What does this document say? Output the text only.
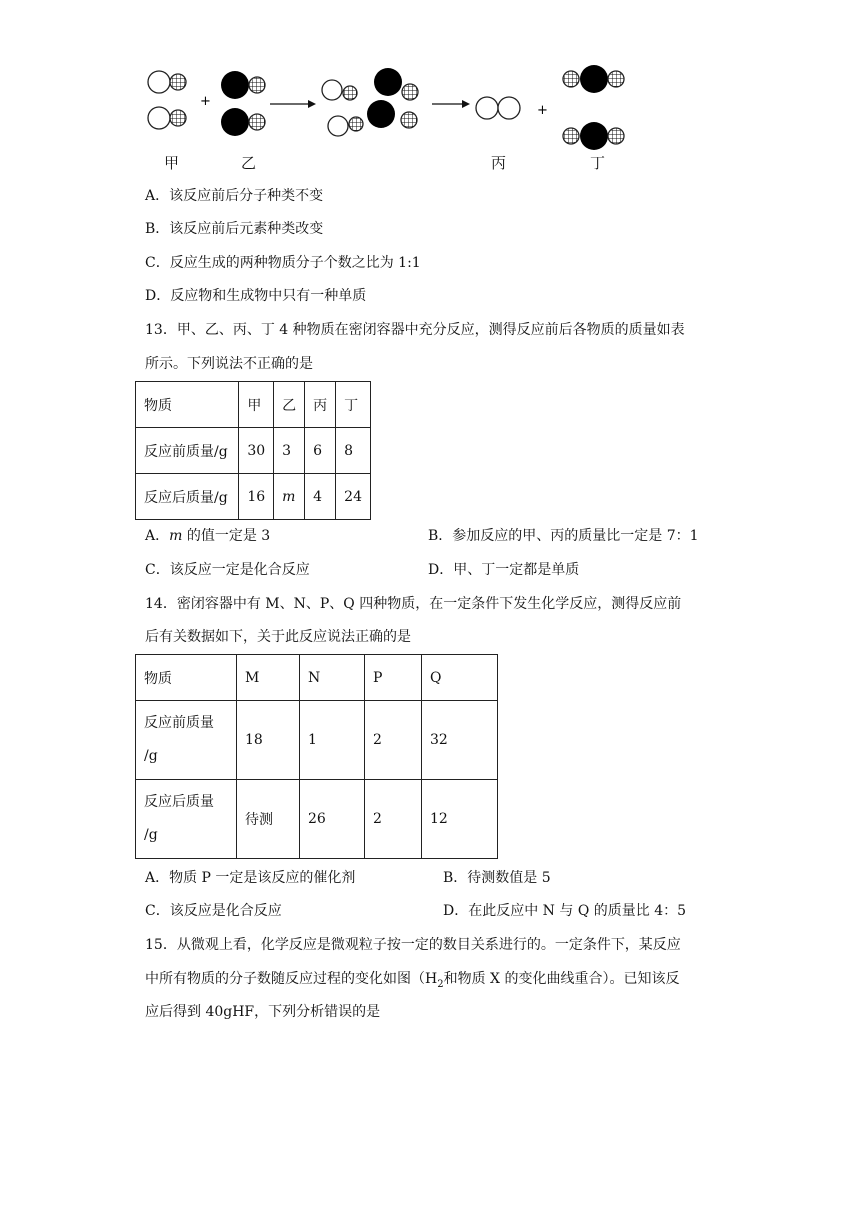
+
+
甲	乙	丙	丁
A．该反应前后分子种类不变
B．该反应前后元素种类改变
C．反应生成的两种物质分子个数之比为 1:1
D．反应物和生成物中只有一种单质
13．甲、乙、丙、丁 4 种物质在密闭容器中充分反应，测得反应前后各物质的质量如表
所示。下列说法不正确的是
物质	甲	乙	丙	丁
反应前质量/g	30	3	6	8
反应后质量/g	16	m	4	24
A．m 的值一定是 3	B．参加反应的甲、丙的质量比一定是 7：1
C．该反应一定是化合反应	D．甲、丁一定都是单质
14．密闭容器中有 M、N、P、Q 四种物质，在一定条件下发生化学反应，测得反应前
后有关数据如下，关于此反应说法正确的是
物质	M	N	P	Q
反应前质量
/g	18	1	2	32
反应后质量
/g	待测	26	2	12
A．物质 P 一定是该反应的催化剂	B．待测数值是 5
C．该反应是化合反应	D．在此反应中 N 与 Q 的质量比 4：5
15．从微观上看，化学反应是微观粒子按一定的数目关系进行的。一定条件下，某反应
中所有物质的分子数随反应过程的变化如图（$H_2$和物质 X 的变化曲线重合）。已知该反
应后得到 40gHF，下列分析错误的是
